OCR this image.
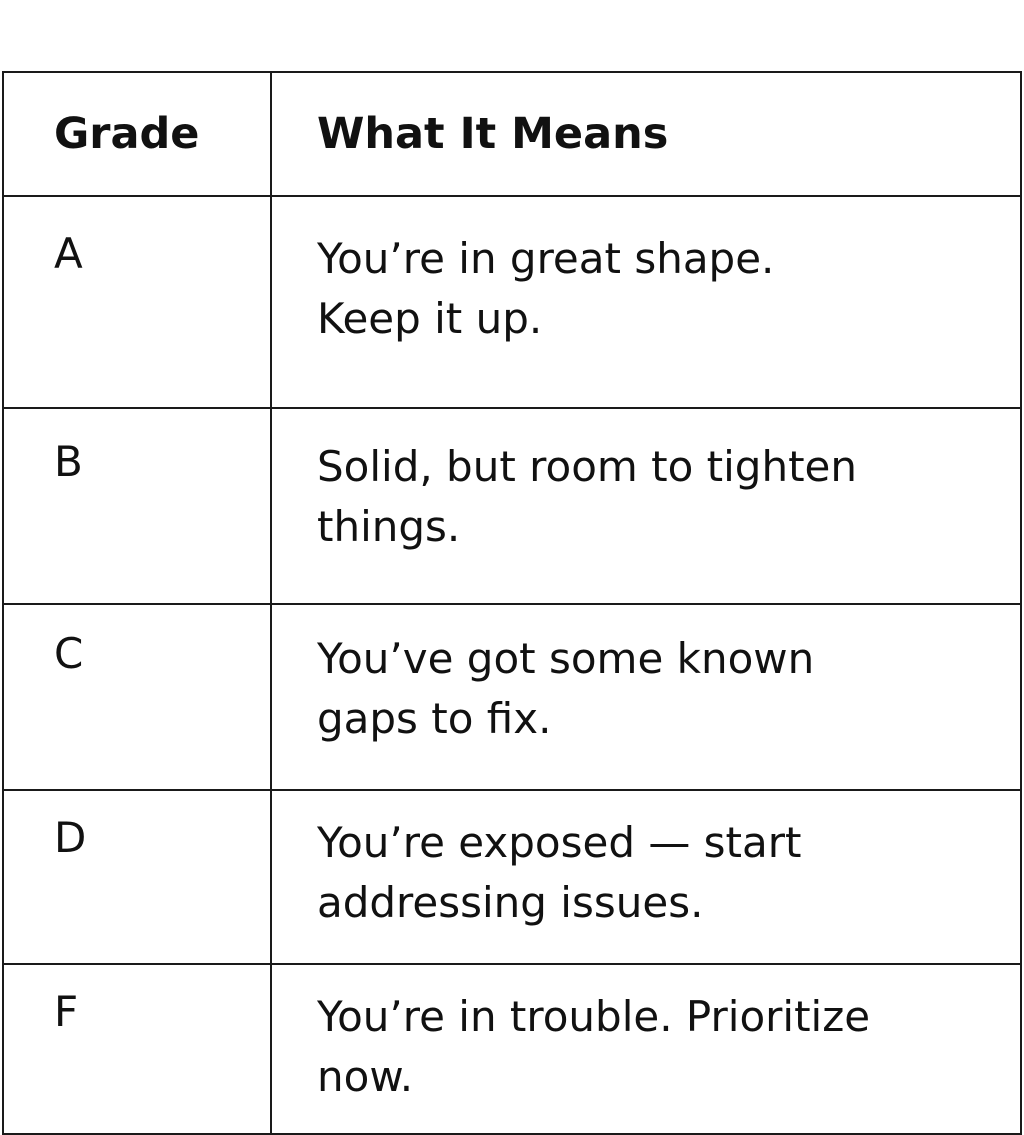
Grade	What It Means
A	You’re in great shape.
Keep it up.

B	Solid, but room to tighten
things.

C	You’ve got some known
gaps to fix.

D	You’re exposed — start
addressing issues.

F	You’re in trouble. Prioritize
now.
